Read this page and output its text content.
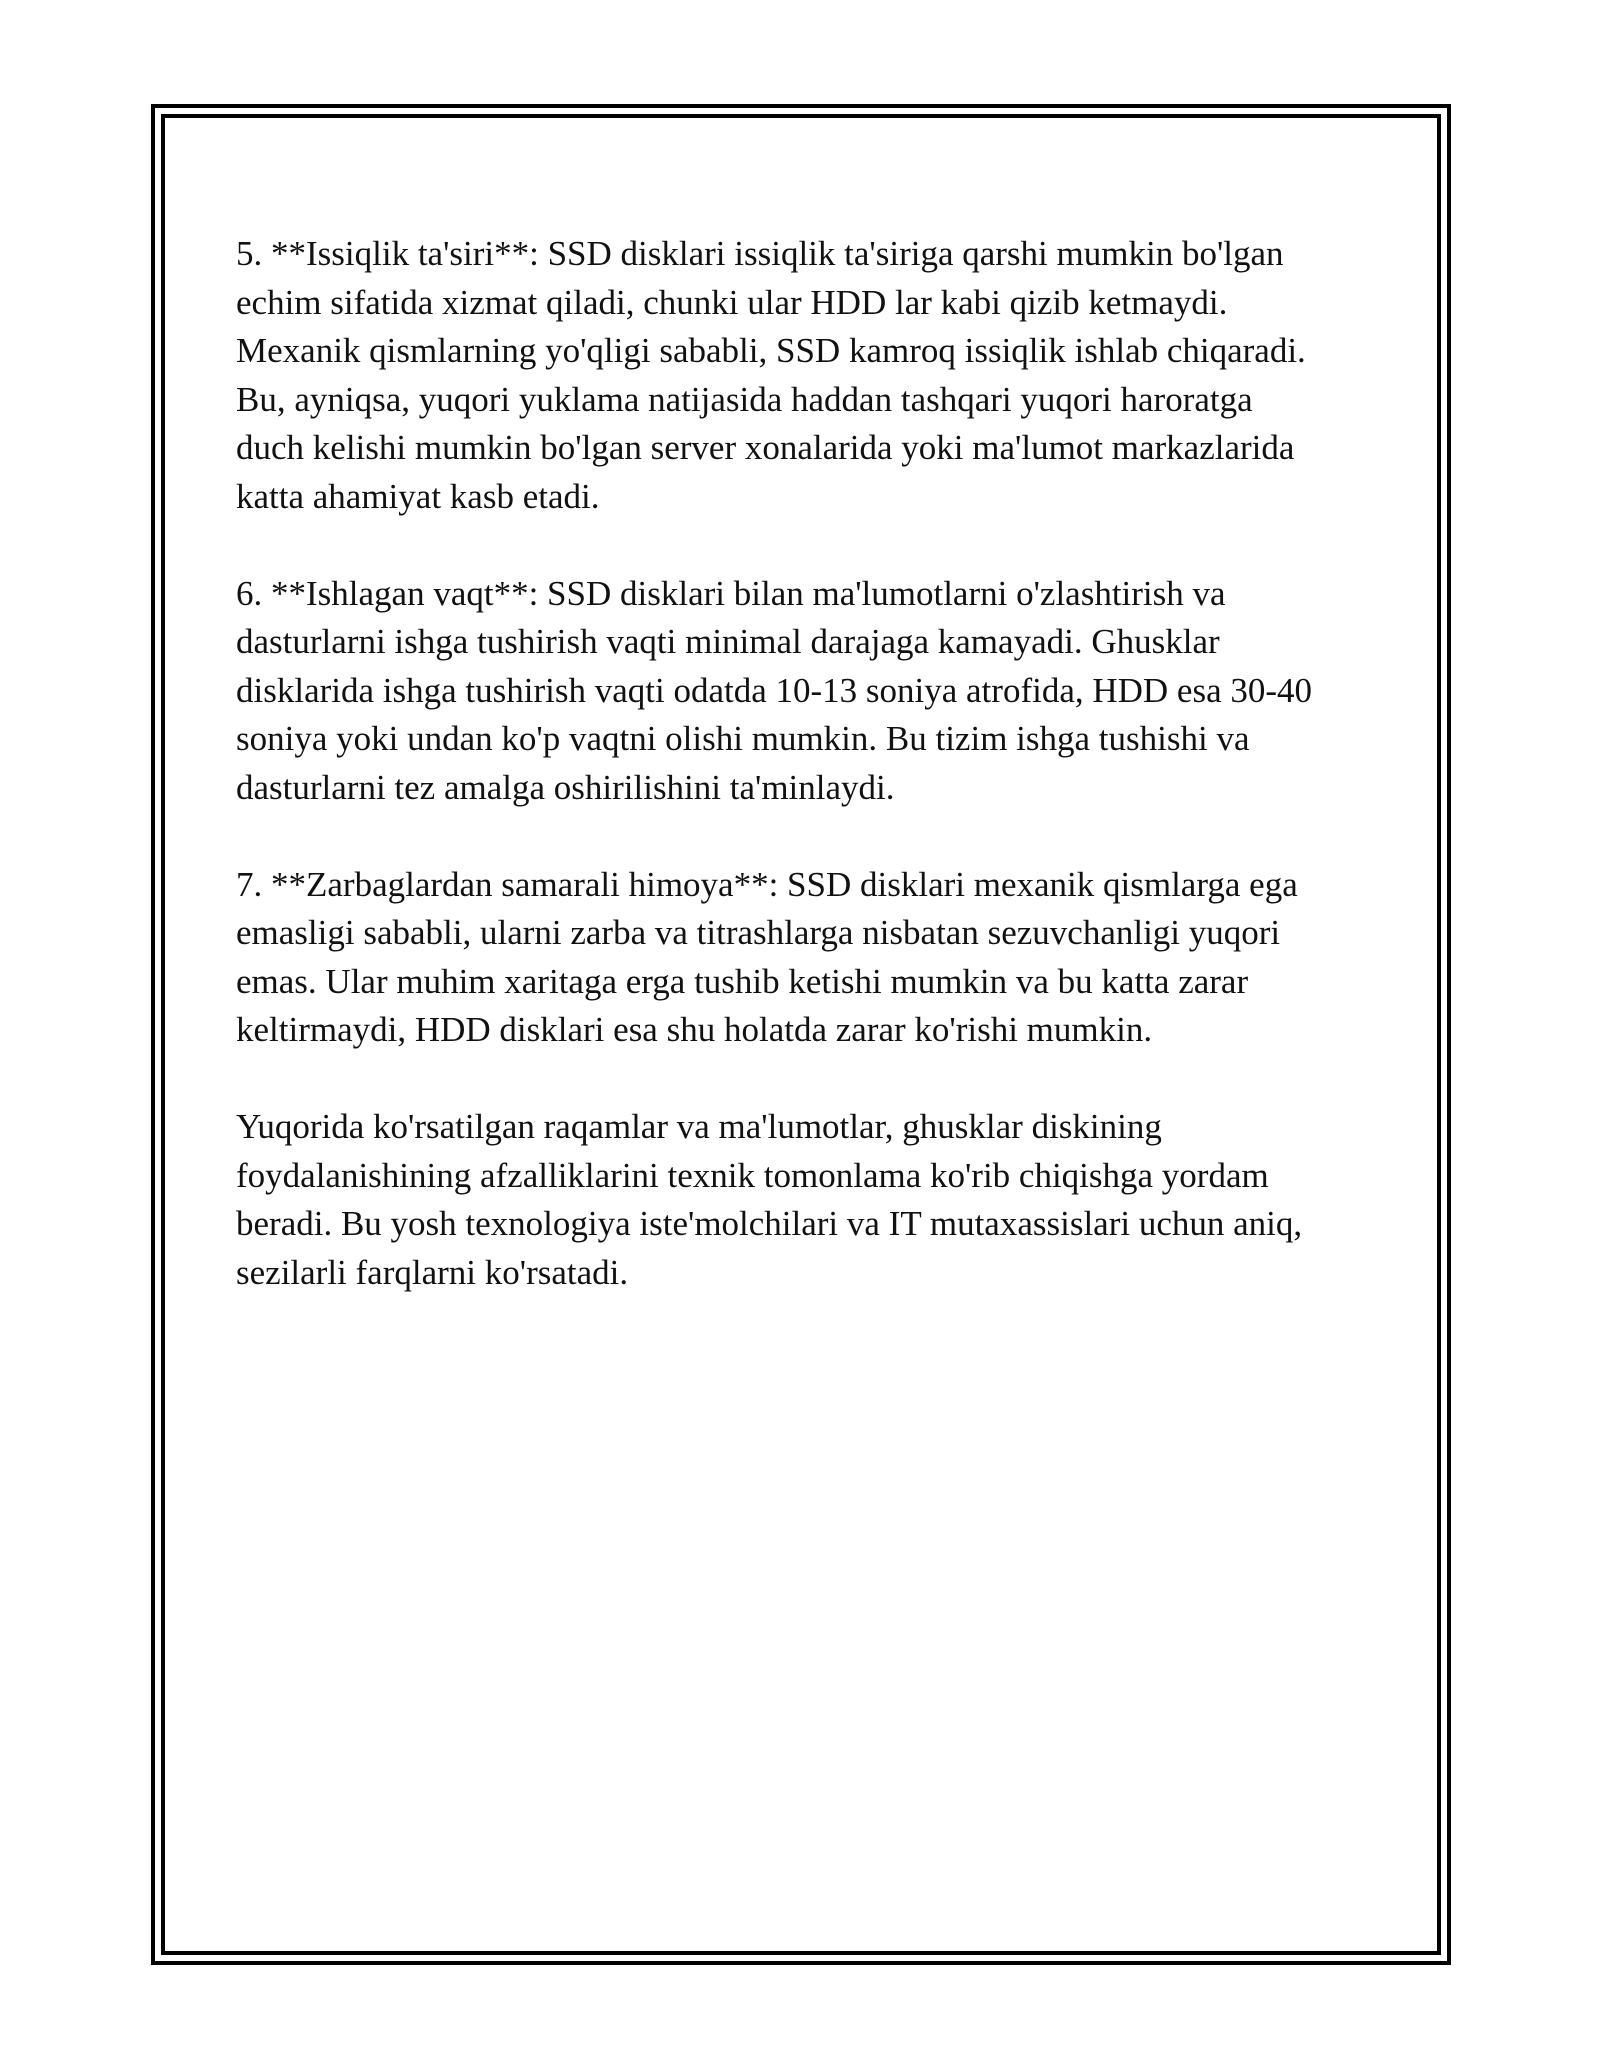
5. **Issiqlik ta'siri**: SSD disklari issiqlik ta'siriga qarshi mumkin bo'lgan
echim sifatida xizmat qiladi, chunki ular HDD lar kabi qizib ketmaydi.
Mexanik qismlarning yo'qligi sababli, SSD kamroq issiqlik ishlab chiqaradi.
Bu, ayniqsa, yuqori yuklama natijasida haddan tashqari yuqori haroratga
duch kelishi mumkin bo'lgan server xonalarida yoki ma'lumot markazlarida
katta ahamiyat kasb etadi.

6. **Ishlagan vaqt**: SSD disklari bilan ma'lumotlarni o'zlashtirish va
dasturlarni ishga tushirish vaqti minimal darajaga kamayadi. Ghusklar
disklarida ishga tushirish vaqti odatda 10-13 soniya atrofida, HDD esa 30-40
soniya yoki undan ko'p vaqtni olishi mumkin. Bu tizim ishga tushishi va
dasturlarni tez amalga oshirilishini ta'minlaydi.

7. **Zarbaglardan samarali himoya**: SSD disklari mexanik qismlarga ega
emasligi sababli, ularni zarba va titrashlarga nisbatan sezuvchanligi yuqori
emas. Ular muhim xaritaga erga tushib ketishi mumkin va bu katta zarar
keltirmaydi, HDD disklari esa shu holatda zarar ko'rishi mumkin.

Yuqorida ko'rsatilgan raqamlar va ma'lumotlar, ghusklar diskining
foydalanishining afzalliklarini texnik tomonlama ko'rib chiqishga yordam
beradi. Bu yosh texnologiya iste'molchilari va IT mutaxassislari uchun aniq,
sezilarli farqlarni ko'rsatadi.
